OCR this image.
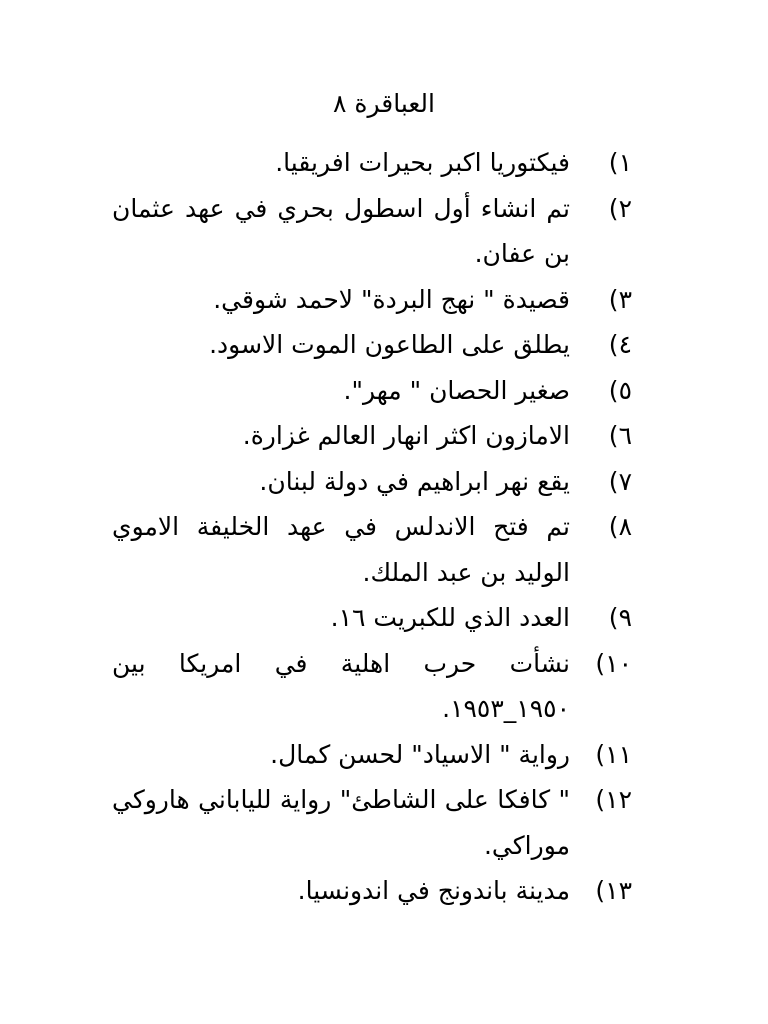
العباقرة ٨
١)
فيكتوريا اكبر بحيرات افريقيا.
٢)
تم انشاء أول اسطول بحري في عهد عثمان بن عفان.
٣)
قصيدة " نهج البردة" لاحمد شوقي.
٤)
يطلق على الطاعون الموت الاسود.
٥)
صغير الحصان " مهر".
٦)
الامازون اكثر انهار العالم غزارة.
٧)
يقع نهر ابراهيم في دولة لبنان.
٨)
تم فتح الاندلس في عهد الخليفة الاموي الوليد بن عبد الملك.
٩)
العدد الذي للكبريت ١٦.
١٠)
نشأت حرب اهلية في امريكا بين ١٩٥٠_١٩٥٣.
١١)
رواية " الاسياد" لحسن كمال.
١٢)
" كافكا على الشاطئ" رواية للياباني هاروكي موراكي.
١٣)
مدينة باندونج في اندونسيا.
